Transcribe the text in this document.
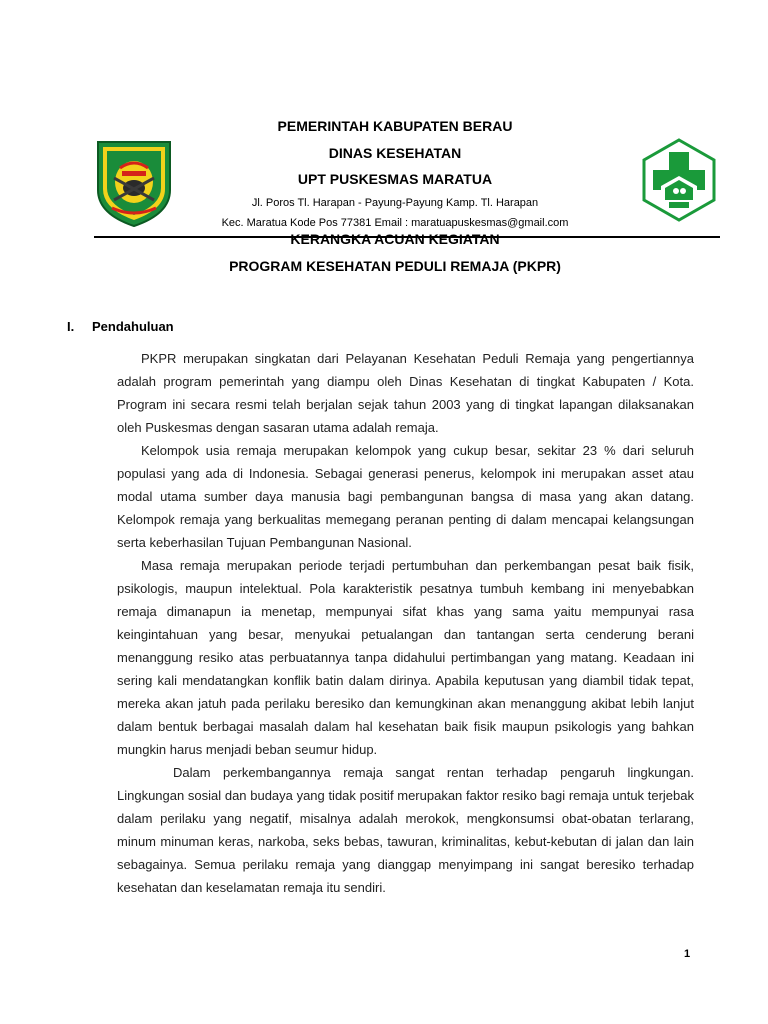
PEMERINTAH KABUPATEN BERAU
DINAS KESEHATAN
UPT PUSKESMAS MARATUA
Jl. Poros Tl. Harapan - Payung-Payung Kamp. Tl. Harapan
Kec. Maratua Kode Pos 77381 Email : maratuapuskesmas@gmail.com
KERANGKA ACUAN KEGIATAN
PROGRAM KESEHATAN PEDULI REMAJA (PKPR)
I. Pendahuluan

PKPR merupakan singkatan dari Pelayanan Kesehatan Peduli Remaja yang pengertiannya adalah program pemerintah yang diampu oleh Dinas Kesehatan di tingkat Kabupaten / Kota. Program ini secara resmi telah berjalan sejak tahun 2003 yang di tingkat lapangan dilaksanakan oleh Puskesmas dengan sasaran utama adalah remaja.

Kelompok usia remaja merupakan kelompok yang cukup besar, sekitar 23 % dari seluruh populasi yang ada di Indonesia. Sebagai generasi penerus, kelompok ini merupakan asset atau modal utama sumber daya manusia bagi pembangunan bangsa di masa yang akan datang. Kelompok remaja yang berkualitas memegang peranan penting di dalam mencapai kelangsungan serta keberhasilan Tujuan Pembangunan Nasional.

Masa remaja merupakan periode terjadi pertumbuhan dan perkembangan pesat baik fisik, psikologis, maupun intelektual. Pola karakteristik pesatnya tumbuh kembang ini menyebabkan remaja dimanapun ia menetap, mempunyai sifat khas yang sama yaitu mempunyai rasa keingintahuan yang besar, menyukai petualangan dan tantangan serta cenderung berani menanggung resiko atas perbuatannya tanpa didahului pertimbangan yang matang. Keadaan ini sering kali mendatangkan konflik batin dalam dirinya. Apabila keputusan yang diambil tidak tepat, mereka akan jatuh pada perilaku beresiko dan kemungkinan akan menanggung akibat lebih lanjut dalam bentuk berbagai masalah dalam hal kesehatan baik fisik maupun psikologis yang bahkan mungkin harus menjadi beban seumur hidup.

Dalam perkembangannya remaja sangat rentan terhadap pengaruh lingkungan. Lingkungan sosial dan budaya yang tidak positif merupakan faktor resiko bagi remaja untuk terjebak dalam perilaku yang negatif, misalnya adalah merokok, mengkonsumsi obat-obatan terlarang, minum minuman keras, narkoba, seks bebas, tawuran, kriminalitas, kebut-kebutan di jalan dan lain sebagainya. Semua perilaku remaja yang dianggap menyimpang ini sangat beresiko terhadap kesehatan dan keselamatan remaja itu sendiri.

1
